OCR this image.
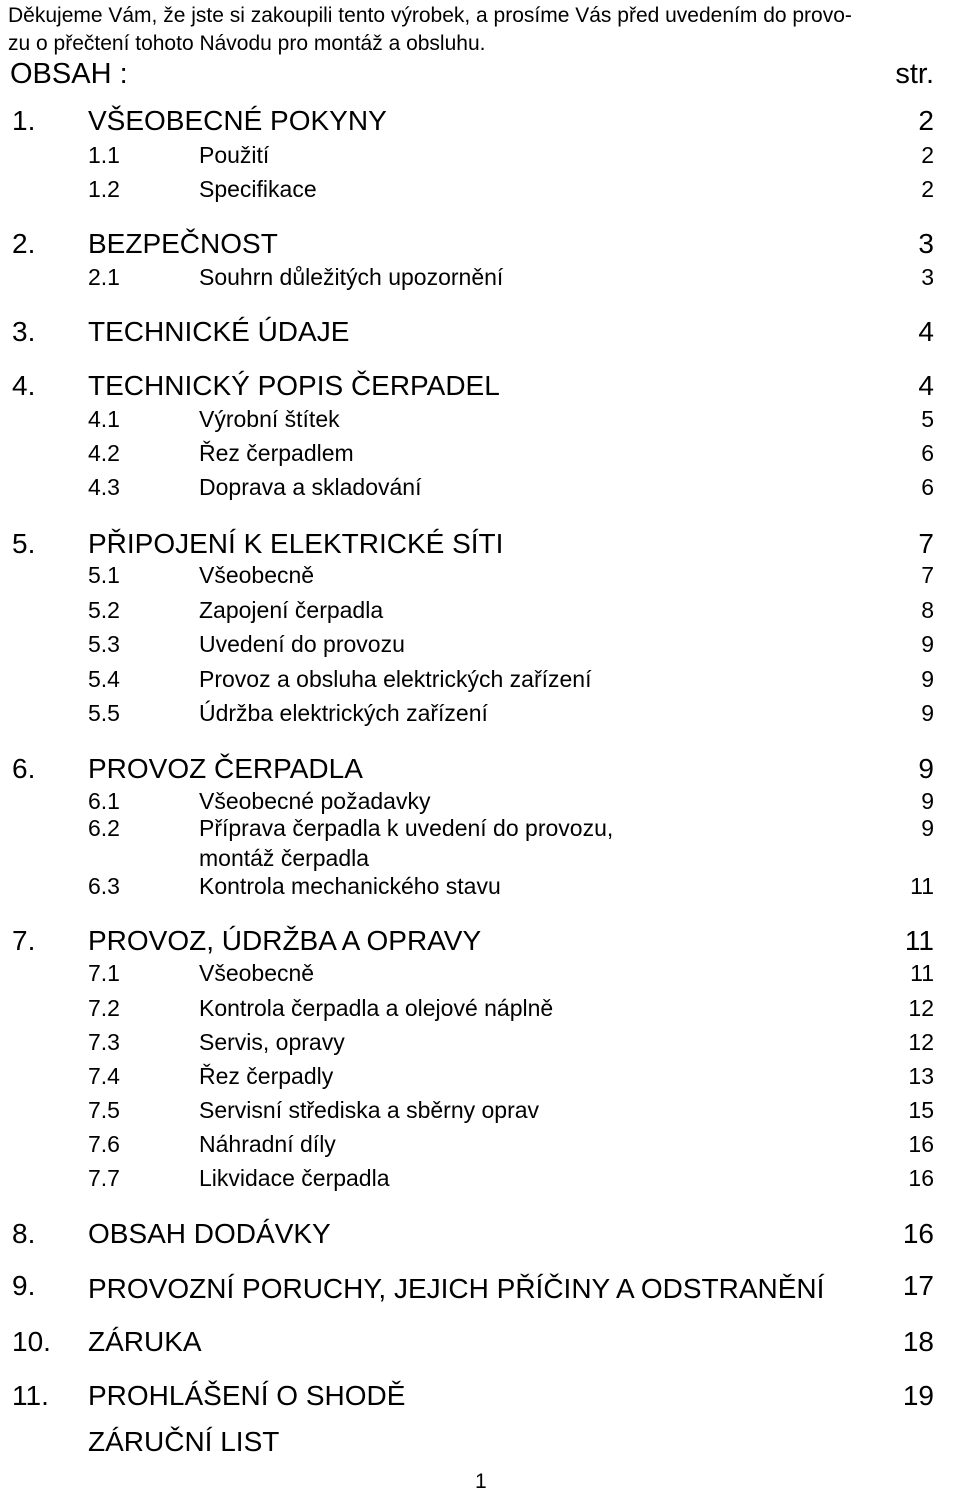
Děkujeme Vám, že jste si zakoupili tento výrobek, a prosíme Vás před uvedením do provo-
zu o přečtení tohoto Návodu pro montáž a obsluhu.
OBSAH :	str.
1. VŠEOBECNÉ POKYNY	2
1.1	Použití	2
1.2	Specifikace	2
2. BEZPEČNOST	3
2.1	Souhrn důležitých upozornění	3
3. TECHNICKÉ ÚDAJE	4
4. TECHNICKÝ POPIS ČERPADEL	4
4.1	Výrobní štítek	5
4.2	Řez čerpadlem	6
4.3	Doprava a skladování	6
5. PŘIPOJENÍ K ELEKTRICKÉ SÍTI	7
5.1	Všeobecně	7
5.2	Zapojení čerpadla	8
5.3	Uvedení do provozu	9
5.4	Provoz a obsluha elektrických zařízení	9
5.5	Údržba elektrických zařízení	9
6. PROVOZ ČERPADLA	9
6.1	Všeobecné požadavky	9
6.2	Příprava čerpadla k uvedení do provozu,	9
montáž čerpadla
6.3	Kontrola mechanického stavu	11
7. PROVOZ, ÚDRŽBA A OPRAVY	11
7.1	Všeobecně	11
7.2	Kontrola čerpadla a olejové náplně	12
7.3	Servis, opravy	12
7.4	Řez čerpadly	13
7.5	Servisní střediska a sběrny oprav	15
7.6	Náhradní díly	16
7.7	Likvidace čerpadla	16
8. OBSAH DODÁVKY	16
9. PROVOZNÍ PORUCHY, JEJICH PŘÍČINY A ODSTRANĚNÍ	17
10. ZÁRUKA	18
11. PROHLÁŠENÍ O SHODĚ	19
ZÁRUČNÍ LIST
1
